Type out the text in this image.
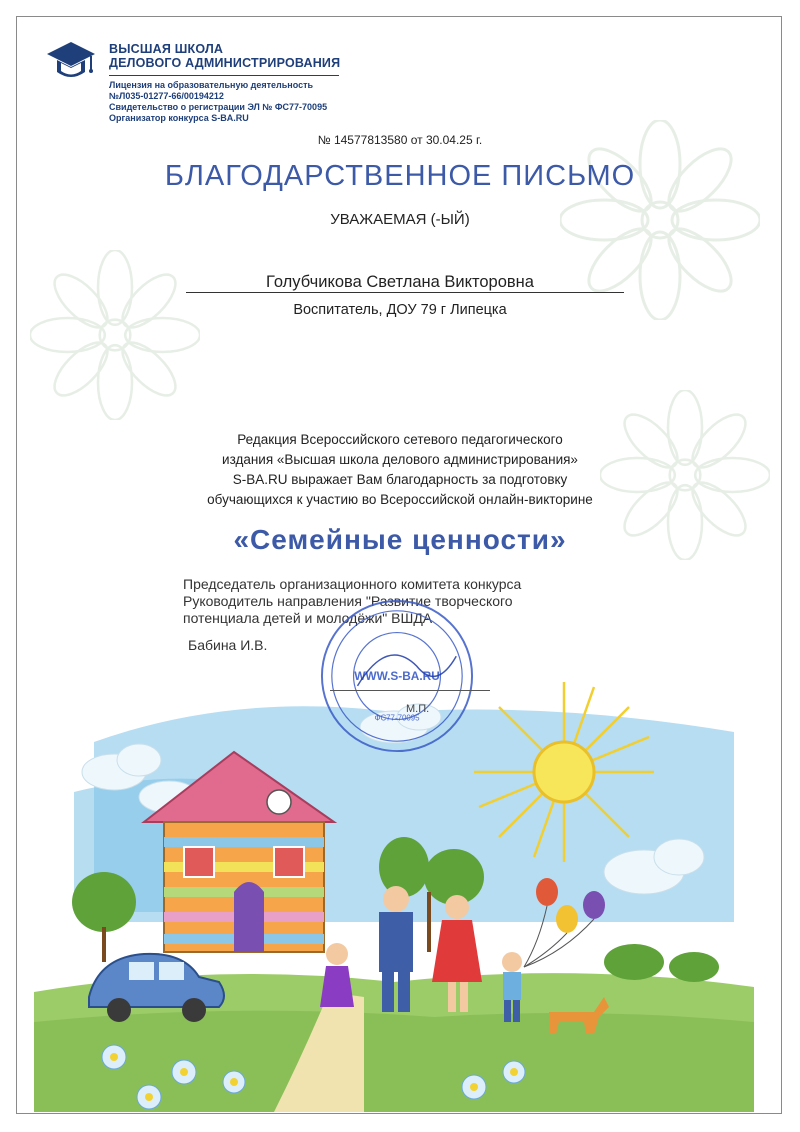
ВЫСШАЯ ШКОЛА
ДЕЛОВОГО АДМИНИСТРИРОВАНИЯ
Лицензия на образовательную деятельность
№Л035-01277-66/00194212
Свидетельство о регистрации ЭЛ № ФС77-70095
Организатор конкурса S-BA.RU
№ 14577813580 от 30.04.25 г.
БЛАГОДАРСТВЕННОЕ ПИСЬМО
УВАЖАЕМАЯ (-ЫЙ)
Голубчикова Светлана Викторовна
Воспитатель, ДОУ 79 г Липецка
Редакция Всероссийского сетевого педагогического
издания «Высшая школа делового администрирования»
S-BA.RU выражает Вам благодарность за подготовку
обучающихся к участию во Всероссийской онлайн-викторине
«Семейные ценности»
Председатель организационного комитета конкурса
Руководитель направления "Развитие творческого
потенциала детей и молодёжи" ВШДА
Бабина И.В.
WWW.S-BA.RU
ФС77-70095
М.П.
